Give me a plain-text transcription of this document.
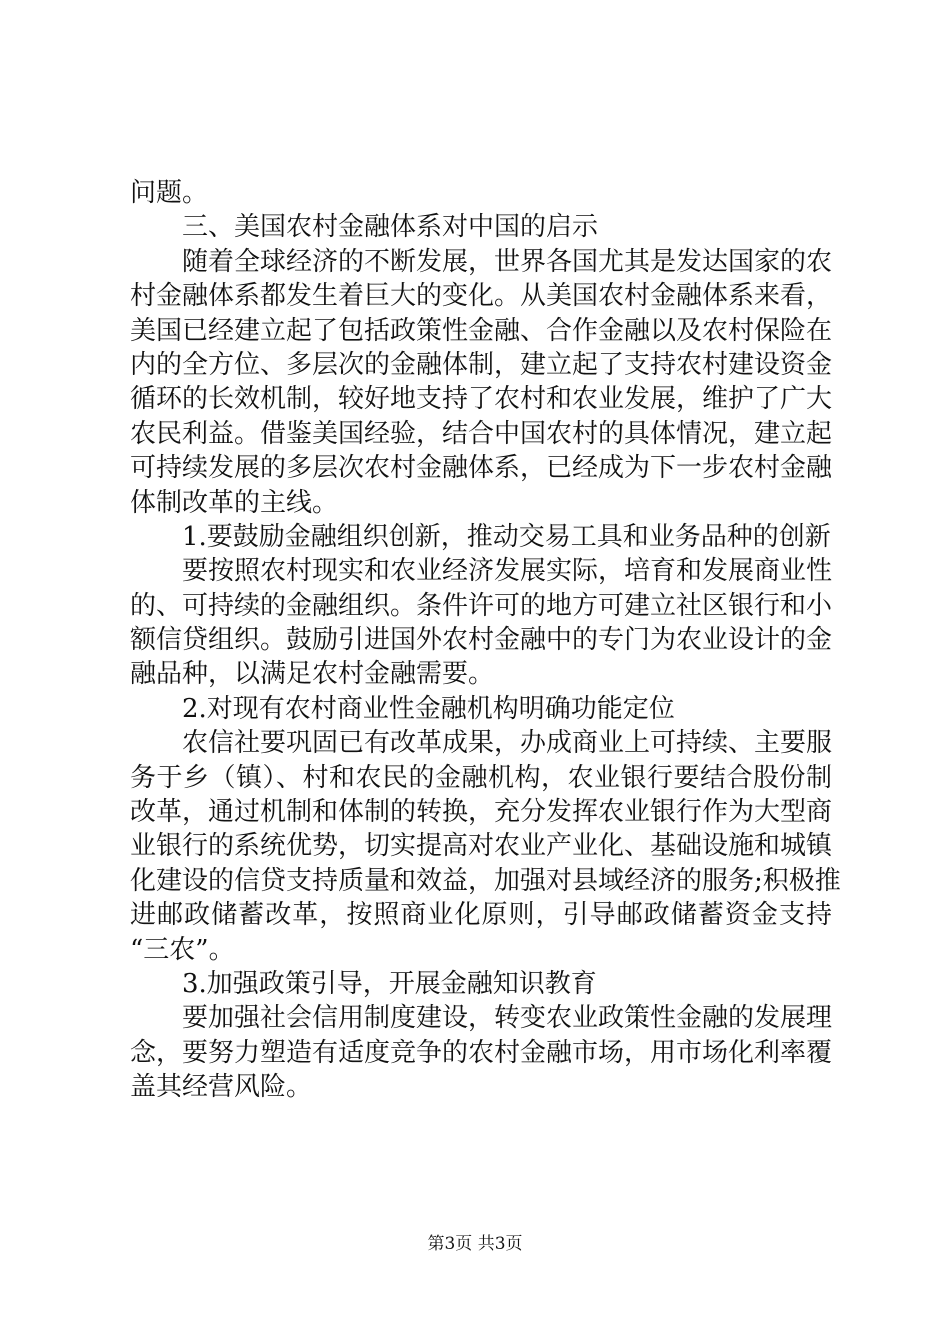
问题。
三、美国农村金融体系对中国的启示
随着全球经济的不断发展，世界各国尤其是发达国家的农
村金融体系都发生着巨大的变化。从美国农村金融体系来看，
美国已经建立起了包括政策性金融、合作金融以及农村保险在
内的全方位、多层次的金融体制，建立起了支持农村建设资金
循环的长效机制，较好地支持了农村和农业发展，维护了广大
农民利益。借鉴美国经验，结合中国农村的具体情况，建立起
可持续发展的多层次农村金融体系，已经成为下一步农村金融
体制改革的主线。
1.要鼓励金融组织创新，推动交易工具和业务品种的创新
要按照农村现实和农业经济发展实际，培育和发展商业性
的、可持续的金融组织。条件许可的地方可建立社区银行和小
额信贷组织。鼓励引进国外农村金融中的专门为农业设计的金
融品种，以满足农村金融需要。
2.对现有农村商业性金融机构明确功能定位
农信社要巩固已有改革成果，办成商业上可持续、主要服
务于乡（镇）、村和农民的金融机构，农业银行要结合股份制
改革，通过机制和体制的转换，充分发挥农业银行作为大型商
业银行的系统优势，切实提高对农业产业化、基础设施和城镇
化建设的信贷支持质量和效益，加强对县域经济的服务;积极推
进邮政储蓄改革，按照商业化原则，引导邮政储蓄资金支持
“三农”。
3.加强政策引导，开展金融知识教育
要加强社会信用制度建设，转变农业政策性金融的发展理
念，要努力塑造有适度竞争的农村金融市场，用市场化利率覆
盖其经营风险。
第3页 共3页
